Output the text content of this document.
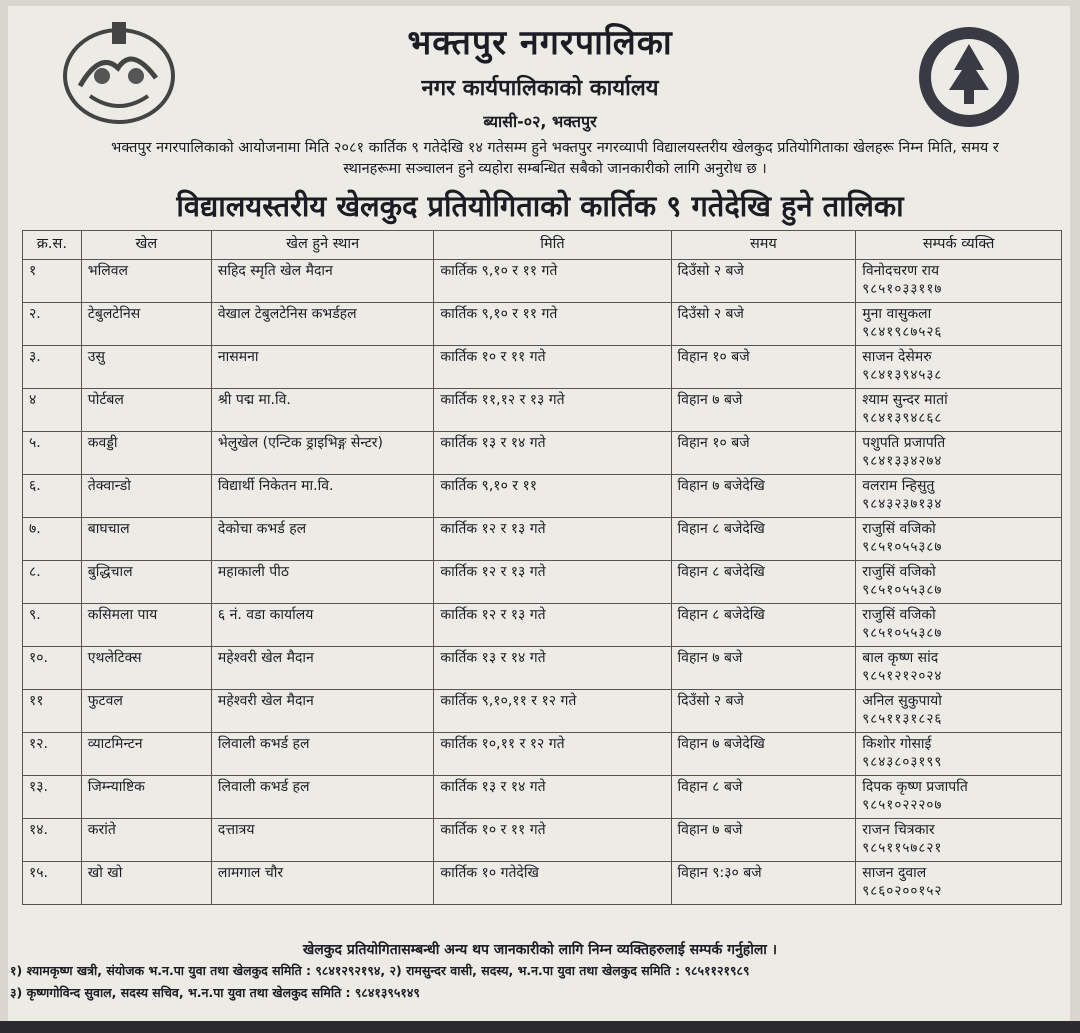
भक्तपुर नगरपालिका
नगर कार्यपालिकाको कार्यालय
ब्यासी-०२, भक्तपुर
भक्तपुर नगरपालिकाको आयोजनामा मिति २०८१ कार्तिक ९ गतेदेखि १४ गतेसम्म हुने भक्तपुर नगरव्यापी विद्यालयस्तरीय खेलकुद प्रतियोगिताका खेलहरू निम्न मिति, समय र स्थानहरूमा सञ्चालन हुने व्यहोरा सम्बन्धित सबैको जानकारीको लागि अनुरोध छ ।
विद्यालयस्तरीय खेलकुद प्रतियोगिताको कार्तिक ९ गतेदेखि हुने तालिका
क्र.स.	खेल	खेल हुने स्थान	मिति	समय	सम्पर्क व्यक्ति
१	भलिवल	सहिद स्मृति खेल मैदान	कार्तिक ९,१० र ११ गते	दिउँसो २ बजे	विनोदचरण राय
९८५१०३३११७

२.	टेबुलटेनिस	वेखाल टेबुलटेनिस कभर्डहल	कार्तिक ९,१० र ११ गते	दिउँसो २ बजे	मुना वासुकला
९८४१९८७५२६

३.	उसु	नासमना	कार्तिक १० र ११ गते	विहान १० बजे	साजन देसेमरु
९८४१३९४५३८

४	पोर्टबल	श्री पद्म मा.वि.	कार्तिक ११,१२ र १३ गते	विहान ७ बजे	श्याम सुन्दर मातां
९८४१३९४८६८

५.	कवड्डी	भेलुखेल (एन्टिक ड्राइभिङ्ग सेन्टर)	कार्तिक १३ र १४ गते	विहान १० बजे	पशुपति प्रजापति
९८४१३३४२७४

६.	तेक्वान्डो	विद्यार्थी निकेतन मा.वि.	कार्तिक ९,१० र ११	विहान ७ बजेदेखि	वलराम न्हिसुतु
९८४३२३७१३४

७.	बाघचाल	देकोचा कभर्ड हल	कार्तिक १२ र १३ गते	विहान ८ बजेदेखि	राजुसिं वजिको
९८५१०५५३८७

८.	बुद्धिचाल	महाकाली पीठ	कार्तिक १२ र १३ गते	विहान ८ बजेदेखि	राजुसिं वजिको
९८५१०५५३८७

९.	कसिमला पाय	६ नं. वडा कार्यालय	कार्तिक १२ र १३ गते	विहान ८ बजेदेखि	राजुसिं वजिको
९८५१०५५३८७

१०.	एथलेटिक्स	महेश्वरी खेल मैदान	कार्तिक १३ र १४ गते	विहान ७ बजे	बाल कृष्ण सांद
९८५१२१२०२४

११	फुटवल	महेश्वरी खेल मैदान	कार्तिक ९,१०,११ र १२ गते	दिउँसो २ बजे	अनिल सुकुपायो
९८५११३१८२६

१२.	व्याटमिन्टन	लिवाली कभर्ड हल	कार्तिक १०,११ र १२ गते	विहान ७ बजेदेखि	किशोर गोसाई
९८४३८०३१९९

१३.	जिम्न्याष्टिक	लिवाली कभर्ड हल	कार्तिक १३ र १४ गते	विहान ८ बजे	दिपक कृष्ण प्रजापति
९८५१०२२२०७

१४.	करांते	दत्तात्रय	कार्तिक १० र ११ गते	विहान ७ बजे	राजन चित्रकार
९८५११५७८२१

१५.	खो खो	लामगाल चौर	कार्तिक १० गतेदेखि	विहान ९:३० बजे	साजन दुवाल
९८६०२००१५२
खेलकुद प्रतियोगितासम्बन्धी अन्य थप जानकारीको लागि निम्न व्यक्तिहरुलाई सम्पर्क गर्नुहोला ।
१) श्यामकृष्ण खत्री, संयोजक भ.न.पा युवा तथा खेलकुद समिति : ९८४१२९२१९४, २) रामसुन्दर वासी, सदस्य, भ.न.पा युवा तथा खेलकुद समिति : ९८५११२१९८९
३) कृष्णगोविन्द सुवाल, सदस्य सचिव, भ.न.पा युवा तथा खेलकुद समिति : ९८४१३९५१४९
